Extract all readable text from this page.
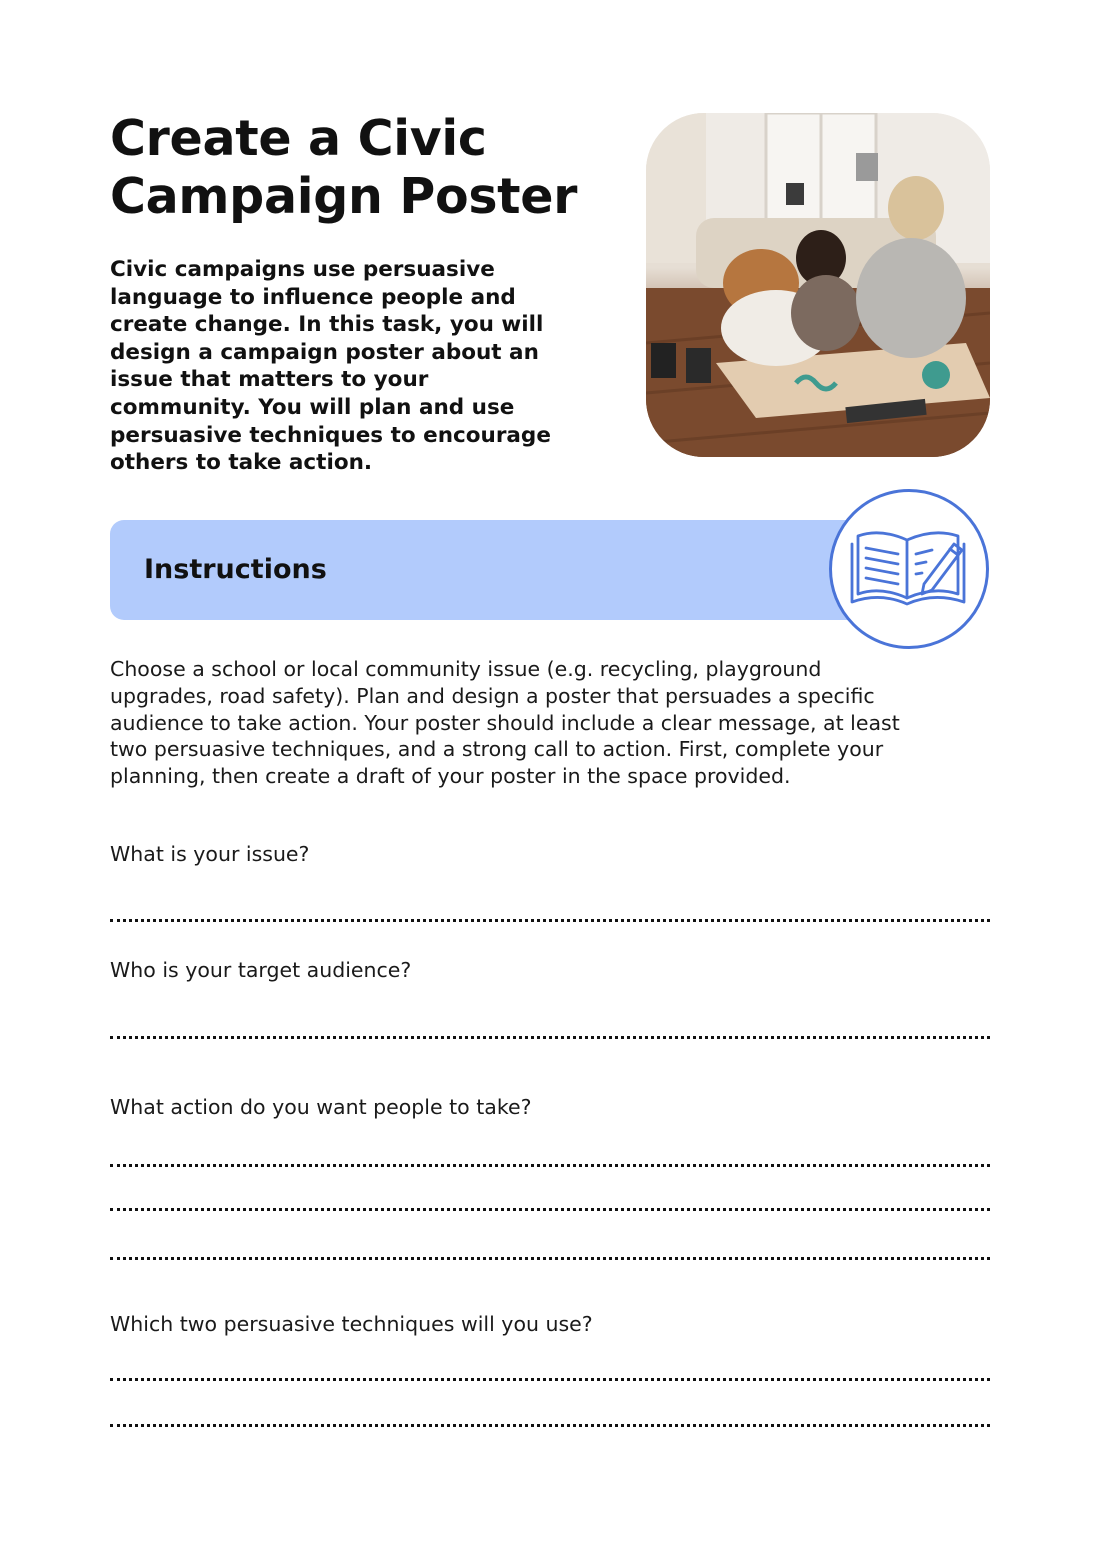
Create a Civic Campaign Poster

Civic campaigns use persuasive language to influence people and create change. In this task, you will design a campaign poster about an issue that matters to your community. You will plan and use persuasive techniques to encourage others to take action.

Instructions

Choose a school or local community issue (e.g. recycling, playground upgrades, road safety). Plan and design a poster that persuades a specific audience to take action. Your poster should include a clear message, at least two persuasive techniques, and a strong call to action. First, complete your planning, then create a draft of your poster in the space provided.

What is your issue?

Who is your target audience?

What action do you want people to take?

Which two persuasive techniques will you use?
